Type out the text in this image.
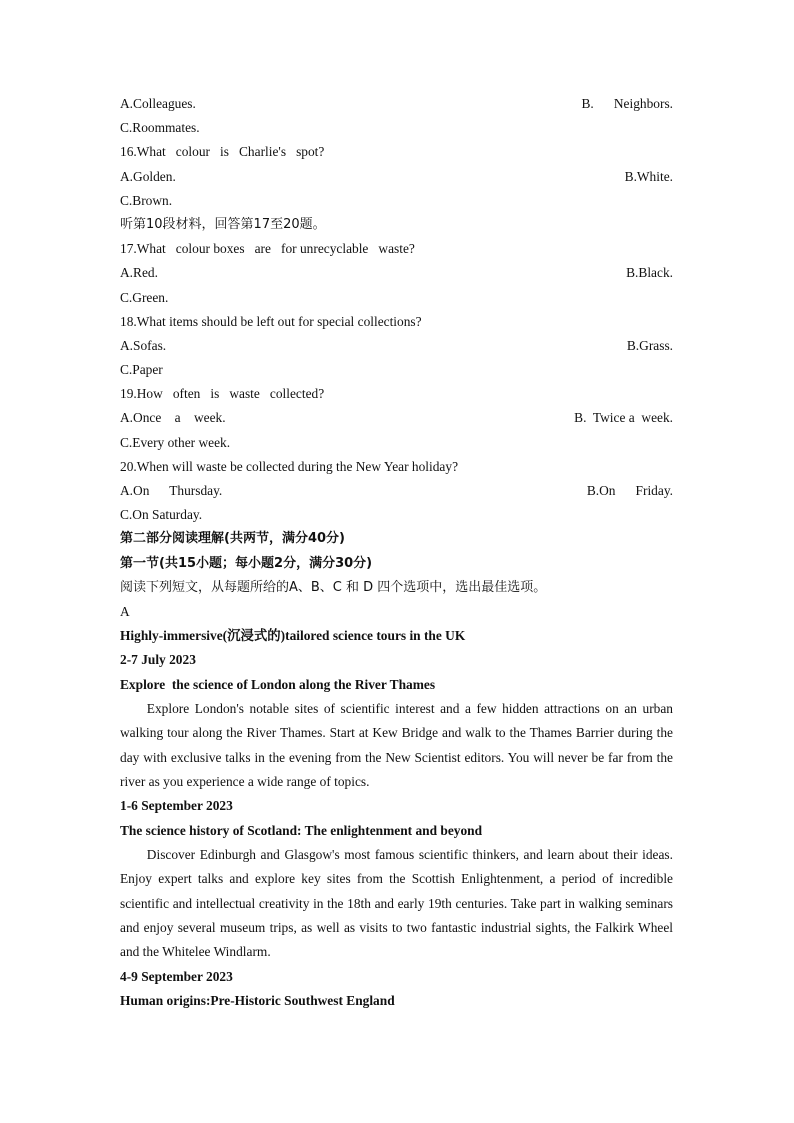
A.Colleagues.	B.      Neighbors.
C.Roommates.
16.What   colour   is   Charlie's   spot?
A.Golden.	B.White.
C.Brown.
听第10段材料，回答第17至20题。
17.What   colour boxes   are   for unrecyclable   waste?
A.Red.	B.Black.
C.Green.
18.What items should be left out for special collections?
A.Sofas.	B.Grass.
C.Paper
19.How   often   is   waste   collected?
A.Once    a    week.	B.  Twice a  week.
C.Every other week.
20.When will waste be collected during the New Year holiday?
A.On      Thursday.	B.On      Friday.
C.On Saturday.
第二部分阅读理解(共两节，满分40分)
第一节(共15小题；每小题2分，满分30分)
阅读下列短文，从每题所给的A、B、C 和 D 四个选项中，选出最佳选项。
A
Highly-immersive(沉浸式的)tailored science tours in the UK
2-7 July 2023
Explore  the science of London along the River Thames

Explore London's notable sites of scientific interest and a few hidden attractions on an urban walking tour along the River Thames. Start at Kew Bridge and walk to the Thames Barrier during the day with exclusive talks in the evening from the New Scientist editors. You will never be far from the river as you experience a wide range of topics.

1-6 September 2023
The science history of Scotland: The enlightenment and beyond

Discover Edinburgh and Glasgow's most famous scientific thinkers, and learn about their ideas. Enjoy expert talks and explore key sites from the Scottish Enlightenment, a period of incredible scientific and intellectual creativity in the 18th and early 19th centuries. Take part in walking seminars and enjoy several museum trips, as well as visits to two fantastic industrial sights, the Falkirk Wheel and the Whitelee Windlarm.

4-9 September 2023
Human origins:Pre-Historic Southwest England
